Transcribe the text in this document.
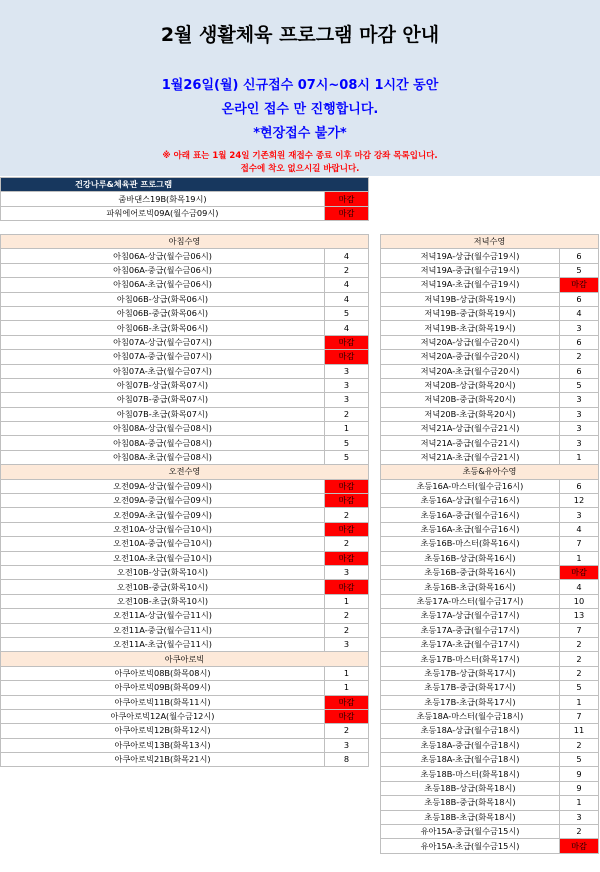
2월 생활체육 프로그램 마감 안내
1월26일(월) 신규접수 07시~08시 1시간 동안
온라인 접수 만 진행합니다.
*현장접수 불가*
※ 아래 표는 1월 24일 기존회원 재접수 종료 이후 마감 강좌 목록입니다.
접수에 착오 없으시길 바랍니다.
건강나루&체육관 프로그램	
줌바댄스19B(화목19시)	마감
파워에어로빅09A(월수금09시)	마감
아침수영	
아침06A-상급(월수금06시)	4
아침06A-중급(월수금06시)	2
아침06A-초급(월수금06시)	4
아침06B-상급(화목06시)	4
아침06B-중급(화목06시)	5
아침06B-초급(화목06시)	4
아침07A-상급(월수금07시)	마감
아침07A-중급(월수금07시)	마감
아침07A-초급(월수금07시)	3
아침07B-상급(화목07시)	3
아침07B-중급(화목07시)	3
아침07B-초급(화목07시)	2
아침08A-상급(월수금08시)	1
아침08A-중급(월수금08시)	5
아침08A-초급(월수금08시)	5
오전수영	
오전09A-상급(월수금09시)	마감
오전09A-중급(월수금09시)	마감
오전09A-초급(월수금09시)	2
오전10A-상급(월수금10시)	마감
오전10A-중급(월수금10시)	2
오전10A-초급(월수금10시)	마감
오전10B-상급(화목10시)	3
오전10B-중급(화목10시)	마감
오전10B-초급(화목10시)	1
오전11A-상급(월수금11시)	2
오전11A-중급(월수금11시)	2
오전11A-초급(월수금11시)	3
아쿠아로빅	
아쿠아로빅08B(화목08시)	1
아쿠아로빅09B(화목09시)	1
아쿠아로빅11B(화목11시)	마감
아쿠아로빅12A(월수금12시)	마감
아쿠아로빅12B(화목12시)	2
아쿠아로빅13B(화목13시)	3
아쿠아로빅21B(화목21시)	8
저녁수영	
저녁19A-상급(월수금19시)	6
저녁19A-중급(월수금19시)	5
저녁19A-초급(월수금19시)	마감
저녁19B-상급(화목19시)	6
저녁19B-중급(화목19시)	4
저녁19B-초급(화목19시)	3
저녁20A-상급(월수금20시)	6
저녁20A-중급(월수금20시)	2
저녁20A-초급(월수금20시)	6
저녁20B-상급(화목20시)	5
저녁20B-중급(화목20시)	3
저녁20B-초급(화목20시)	3
저녁21A-상급(월수금21시)	3
저녁21A-중급(월수금21시)	3
저녁21A-초급(월수금21시)	1
초등&유아수영	
초등16A-마스터(월수금16시)	6
초등16A-상급(월수금16시)	12
초등16A-중급(월수금16시)	3
초등16A-초급(월수금16시)	4
초등16B-마스터(화목16시)	7
초등16B-상급(화목16시)	1
초등16B-중급(화목16시)	마감
초등16B-초급(화목16시)	4
초등17A-마스터(월수금17시)	10
초등17A-상급(월수금17시)	13
초등17A-중급(월수금17시)	7
초등17A-초급(월수금17시)	2
초등17B-마스터(화목17시)	2
초등17B-상급(화목17시)	2
초등17B-중급(화목17시)	5
초등17B-초급(화목17시)	1
초등18A-마스터(월수금18시)	7
초등18A-상급(월수금18시)	11
초등18A-중급(월수금18시)	2
초등18A-초급(월수금18시)	5
초등18B-마스터(화목18시)	9
초등18B-상급(화목18시)	9
초등18B-중급(화목18시)	1
초등18B-초급(화목18시)	3
유아15A-중급(월수금15시)	2
유아15A-초급(월수금15시)	마감
